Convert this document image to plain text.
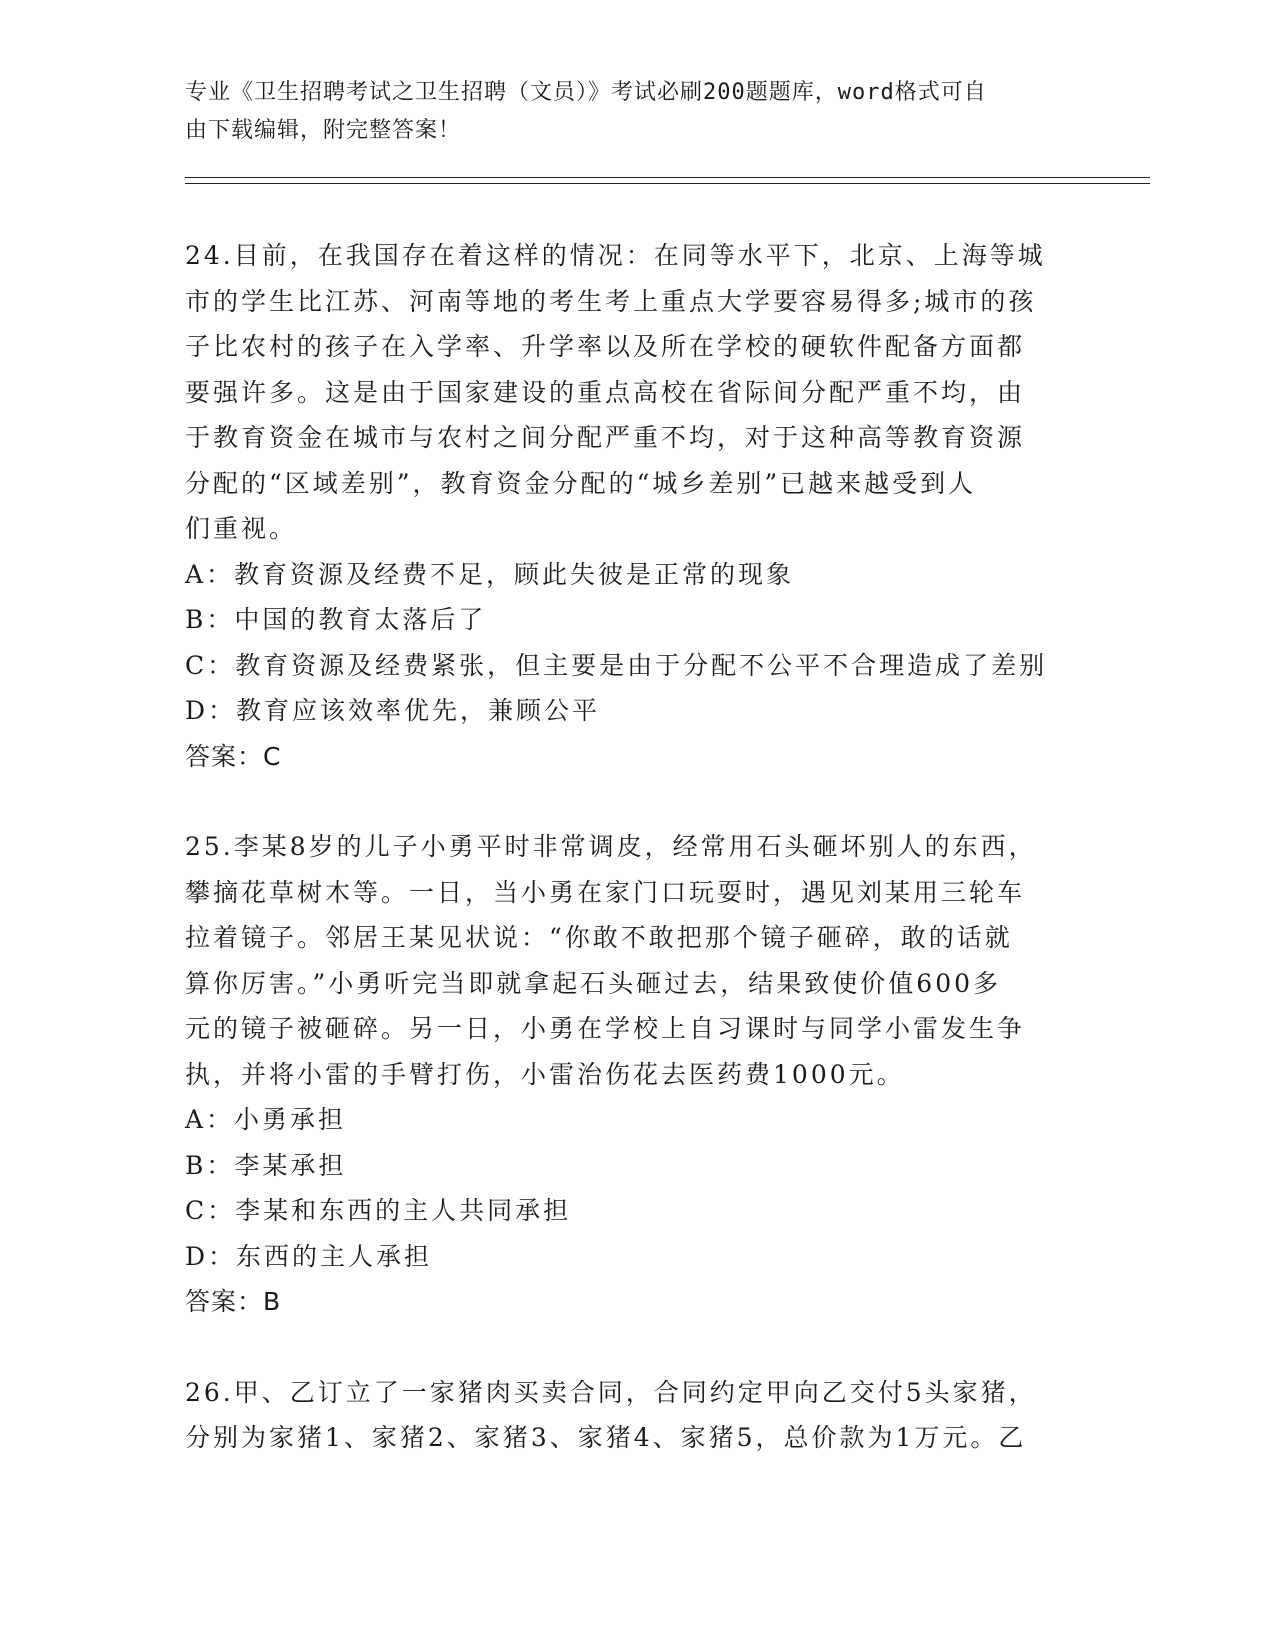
专业《卫生招聘考试之卫生招聘（文员）》考试必刷200题题库，word格式可自
由下载编辑，附完整答案！
24.目前，在我国存在着这样的情况：在同等水平下，北京、上海等城
市的学生比江苏、河南等地的考生考上重点大学要容易得多;城市的孩
子比农村的孩子在入学率、升学率以及所在学校的硬软件配备方面都
要强许多。这是由于国家建设的重点高校在省际间分配严重不均，由
于教育资金在城市与农村之间分配严重不均，对于这种高等教育资源
分配的“区域差别”，教育资金分配的“城乡差别”已越来越受到人
们重视。
A：教育资源及经费不足，顾此失彼是正常的现象
B：中国的教育太落后了
C：教育资源及经费紧张，但主要是由于分配不公平不合理造成了差别
D：教育应该效率优先，兼顾公平
答案：C
25.李某8岁的儿子小勇平时非常调皮，经常用石头砸坏别人的东西，
攀摘花草树木等。一日，当小勇在家门口玩耍时，遇见刘某用三轮车
拉着镜子。邻居王某见状说：“你敢不敢把那个镜子砸碎，敢的话就
算你厉害。”小勇听完当即就拿起石头砸过去，结果致使价值600多
元的镜子被砸碎。另一日，小勇在学校上自习课时与同学小雷发生争
执，并将小雷的手臂打伤，小雷治伤花去医药费1000元。
A：小勇承担
B：李某承担
C：李某和东西的主人共同承担
D：东西的主人承担
答案：B
26.甲、乙订立了一家猪肉买卖合同，合同约定甲向乙交付5头家猪，
分别为家猪1、家猪2、家猪3、家猪4、家猪5，总价款为1万元。乙
